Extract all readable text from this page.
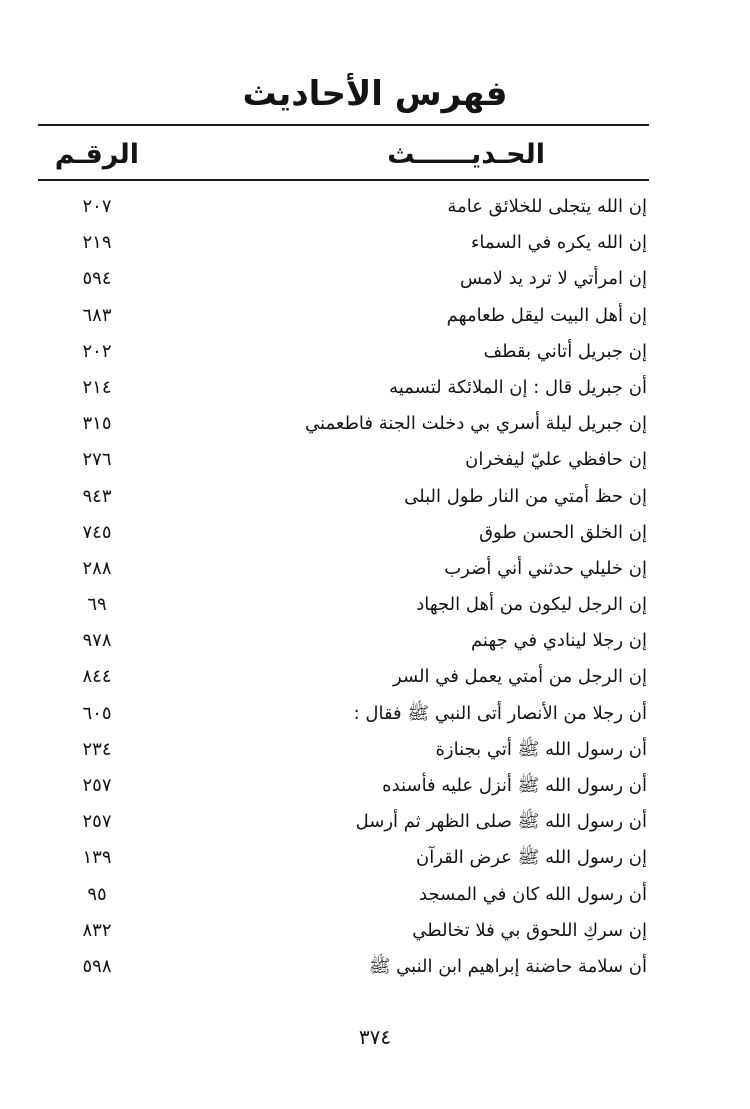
فهرس الأحاديث
الحـديــــــث
الرقـم
إن الله يتجلى للخلائق عامة
٢٠٧
إن الله يكره في السماء
٢١٩
إن امرأتي لا ترد يد لامس
٥٩٤
إن أهل البيت ليقل طعامهم
٦٨٣
إن جبريل أتاني بقطف
٢٠٢
أن جبريل قال : إن الملائكة لتسميه
٢١٤
إن جبريل ليلة أسري بي دخلت الجنة فاطعمني
٣١٥
إن حافظي عليّ ليفخران
٢٧٦
إن حظ أمتي من النار طول البلى
٩٤٣
إن الخلق الحسن طوق
٧٤٥
إن خليلي حدثني أني أضرب
٢٨٨
إن الرجل ليكون من أهل الجهاد
٦٩
إن رجلا لينادي في جهنم
٩٧٨
إن الرجل من أمتي يعمل في السر
٨٤٤
أن رجلا من الأنصار أتى النبي ﷺ فقال :
٦٠٥
أن رسول الله ﷺ أتي بجنازة
٢٣٤
أن رسول الله ﷺ أنزل عليه فأسنده
٢٥٧
أن رسول الله ﷺ صلى الظهر ثم أرسل
٢٥٧
إن رسول الله ﷺ عرض القرآن
١٣٩
أن رسول الله كان في المسجد
٩٥
إن سركِ اللحوق بي فلا تخالطي
٨٣٢
أن سلامة حاضنة إبراهيم ابن النبي ﷺ
٥٩٨
٣٧٤
